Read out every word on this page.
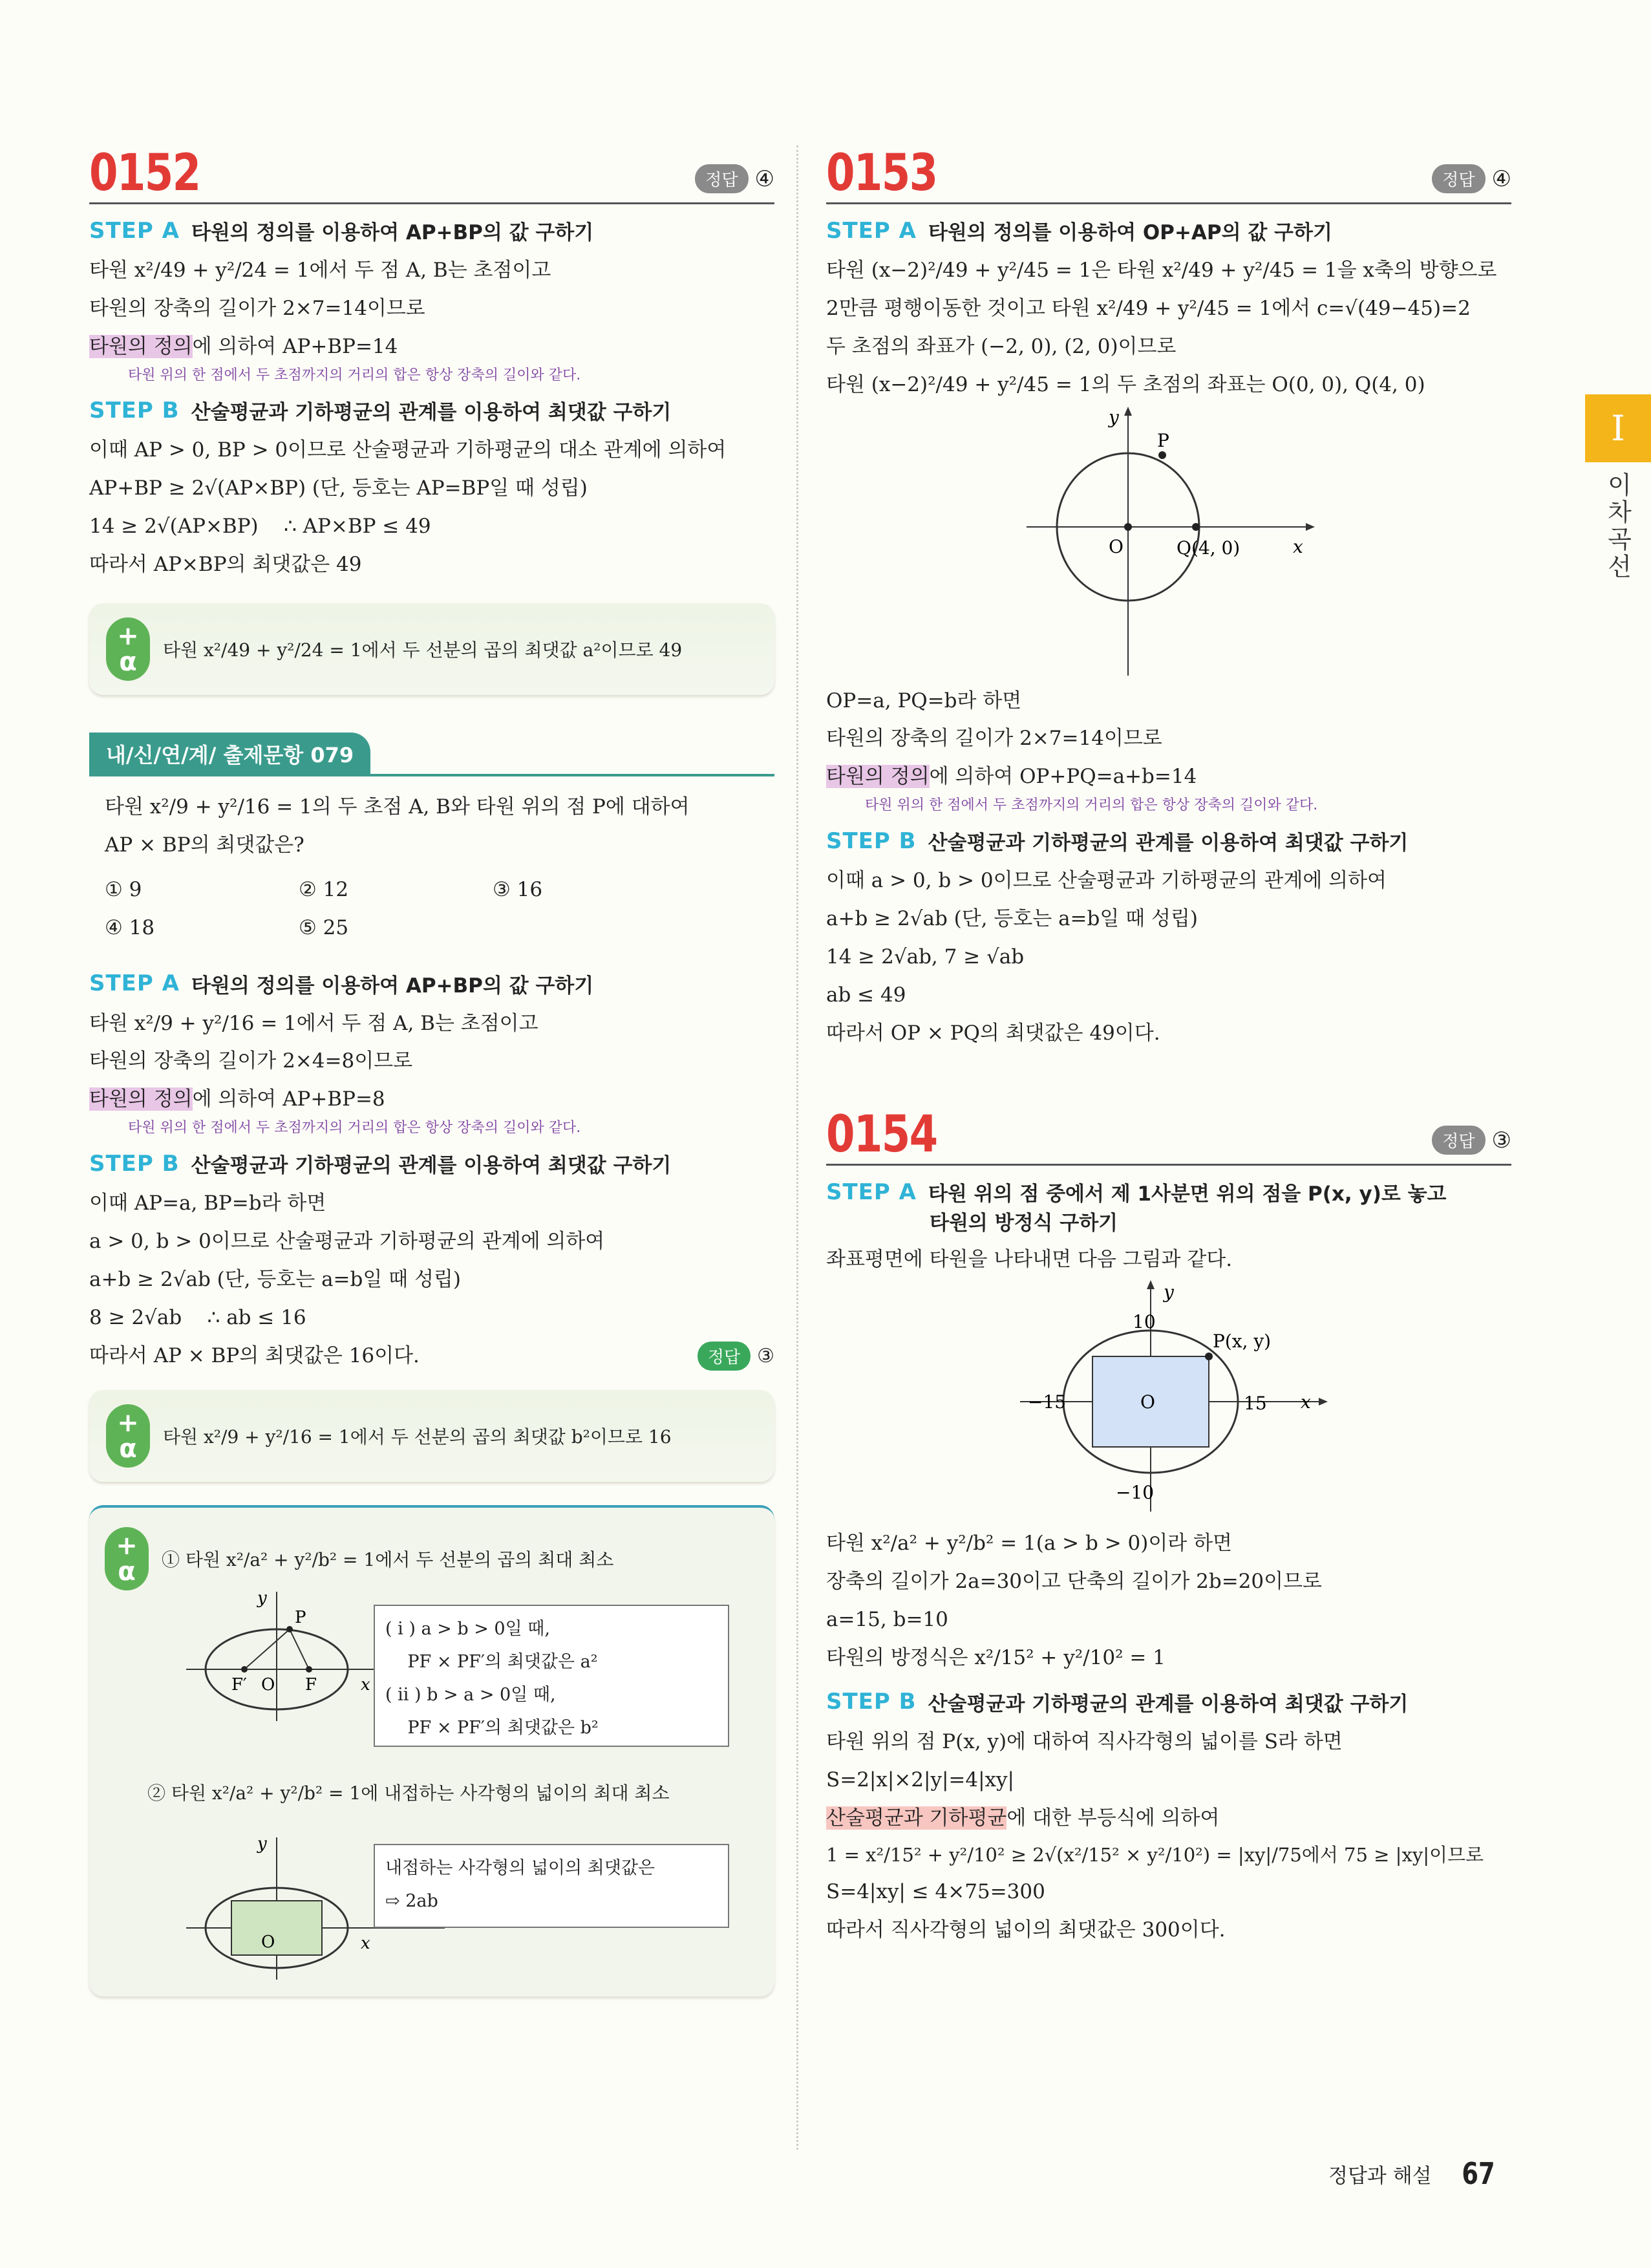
0152	정답 ④
STEP A 타원의 정의를 이용하여 AP+BP의 값 구하기
타원 x²/49 + y²/24 = 1에서 두 점 A, B는 초점이고
타원의 장축의 길이가 2×7=14이므로
타원의 정의에 의하여 AP+BP=14
타원 위의 한 점에서 두 초점까지의 거리의 합은 항상 장축의 길이와 같다.
STEP B 산술평균과 기하평균의 관계를 이용하여 최댓값 구하기
이때 AP > 0, BP > 0이므로 산술평균과 기하평균의 대소 관계에 의하여
AP+BP ≥ 2√(AP×BP) (단, 등호는 AP=BP일 때 성립)
14 ≥ 2√(AP×BP)    ∴ AP×BP ≤ 49
따라서 AP×BP의 최댓값은 49
+
α 타원 x²/49 + y²/24 = 1에서 두 선분의 곱의 최댓값 a²이므로 49
내/신/연/계/ 출제문항 079
타원 x²/9 + y²/16 = 1의 두 초점 A, B와 타원 위의 점 P에 대하여
AP × BP의 최댓값은?
① 9	② 12	③ 16
④ 18	⑤ 25
STEP A 타원의 정의를 이용하여 AP+BP의 값 구하기
타원 x²/9 + y²/16 = 1에서 두 점 A, B는 초점이고
타원의 장축의 길이가 2×4=8이므로
타원의 정의에 의하여 AP+BP=8
타원 위의 한 점에서 두 초점까지의 거리의 합은 항상 장축의 길이와 같다.
STEP B 산술평균과 기하평균의 관계를 이용하여 최댓값 구하기
이때 AP=a, BP=b라 하면
a > 0, b > 0이므로 산술평균과 기하평균의 관계에 의하여
a+b ≥ 2√ab (단, 등호는 a=b일 때 성립)
8 ≥ 2√ab    ∴ ab ≤ 16
따라서 AP × BP의 최댓값은 16이다.	정답 ③
+
α 타원 x²/9 + y²/16 = 1에서 두 선분의 곱의 최댓값 b²이므로 16
+
α ① 타원 x²/a² + y²/b² = 1에서 두 선분의 곱의 최대 최소
y
P
F′ O F	x
( i ) a > b > 0일 때,
PF × PF′의 최댓값은 a²
( ii ) b > a > 0일 때,
PF × PF′의 최댓값은 b²
② 타원 x²/a² + y²/b² = 1에 내접하는 사각형의 넓이의 최대 최소
y
O	x
내접하는 사각형의 넓이의 최댓값은
⇨ 2ab
0153	정답 ④
STEP A 타원의 정의를 이용하여 OP+AP의 값 구하기
타원 (x−2)²/49 + y²/45 = 1은 타원 x²/49 + y²/45 = 1을 x축의 방향으로
2만큼 평행이동한 것이고 타원 x²/49 + y²/45 = 1에서 c=√(49−45)=2
두 초점의 좌표가 (−2, 0), (2, 0)이므로
타원 (x−2)²/49 + y²/45 = 1의 두 초점의 좌표는 O(0, 0), Q(4, 0)
y
P
O	Q(4, 0)	x
OP=a, PQ=b라 하면
타원의 장축의 길이가 2×7=14이므로
타원의 정의에 의하여 OP+PQ=a+b=14
타원 위의 한 점에서 두 초점까지의 거리의 합은 항상 장축의 길이와 같다.
STEP B 산술평균과 기하평균의 관계를 이용하여 최댓값 구하기
이때 a > 0, b > 0이므로 산술평균과 기하평균의 관계에 의하여
a+b ≥ 2√ab (단, 등호는 a=b일 때 성립)
14 ≥ 2√ab, 7 ≥ √ab
ab ≤ 49
따라서 OP × PQ의 최댓값은 49이다.
0154	정답 ③
STEP A 타원 위의 점 중에서 제 1사분면 위의 점을 P(x, y)로 놓고
타원의 방정식 구하기
좌표평면에 타원을 나타내면 다음 그림과 같다.
y
10
P(x, y)
−15	O	15 x
−10
타원 x²/a² + y²/b² = 1(a > b > 0)이라 하면
장축의 길이가 2a=30이고 단축의 길이가 2b=20이므로
a=15, b=10
타원의 방정식은 x²/15² + y²/10² = 1
STEP B 산술평균과 기하평균의 관계를 이용하여 최댓값 구하기
타원 위의 점 P(x, y)에 대하여 직사각형의 넓이를 S라 하면
S=2|x|×2|y|=4|xy|
산술평균과 기하평균에 대한 부등식에 의하여
1 = x²/15² + y²/10² ≥ 2√(x²/15² × y²/10²) = |xy|/75에서 75 ≥ |xy|이므로
S=4|xy| ≤ 4×75=300
따라서 직사각형의 넓이의 최댓값은 300이다.
I
이차곡선
정답과 해설 67
